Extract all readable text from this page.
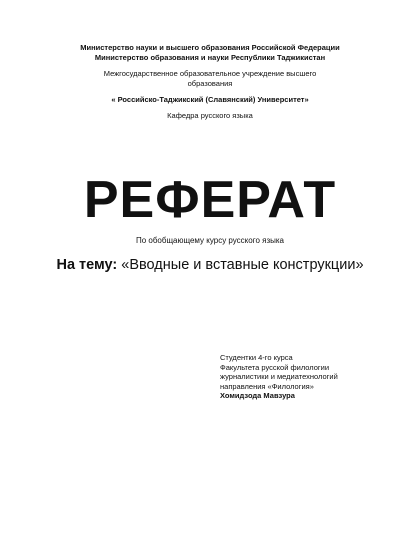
Министерство науки и высшего образования Российской Федерации
Министерство образования и науки Республики Таджикистан
Межгосударственное образовательное учреждение высшего
образования
« Российско-Таджикский (Славянский) Университет»
Кафедра русского языка
РЕФЕРАТ
По обобщающему курсу русского языка
На тему: «Вводные и вставные конструкции»
Студентки 4-го курса
Факультета русской филологии
журналистики и медиатехнологий
направления «Филология»
Хомидзода Мавзура
